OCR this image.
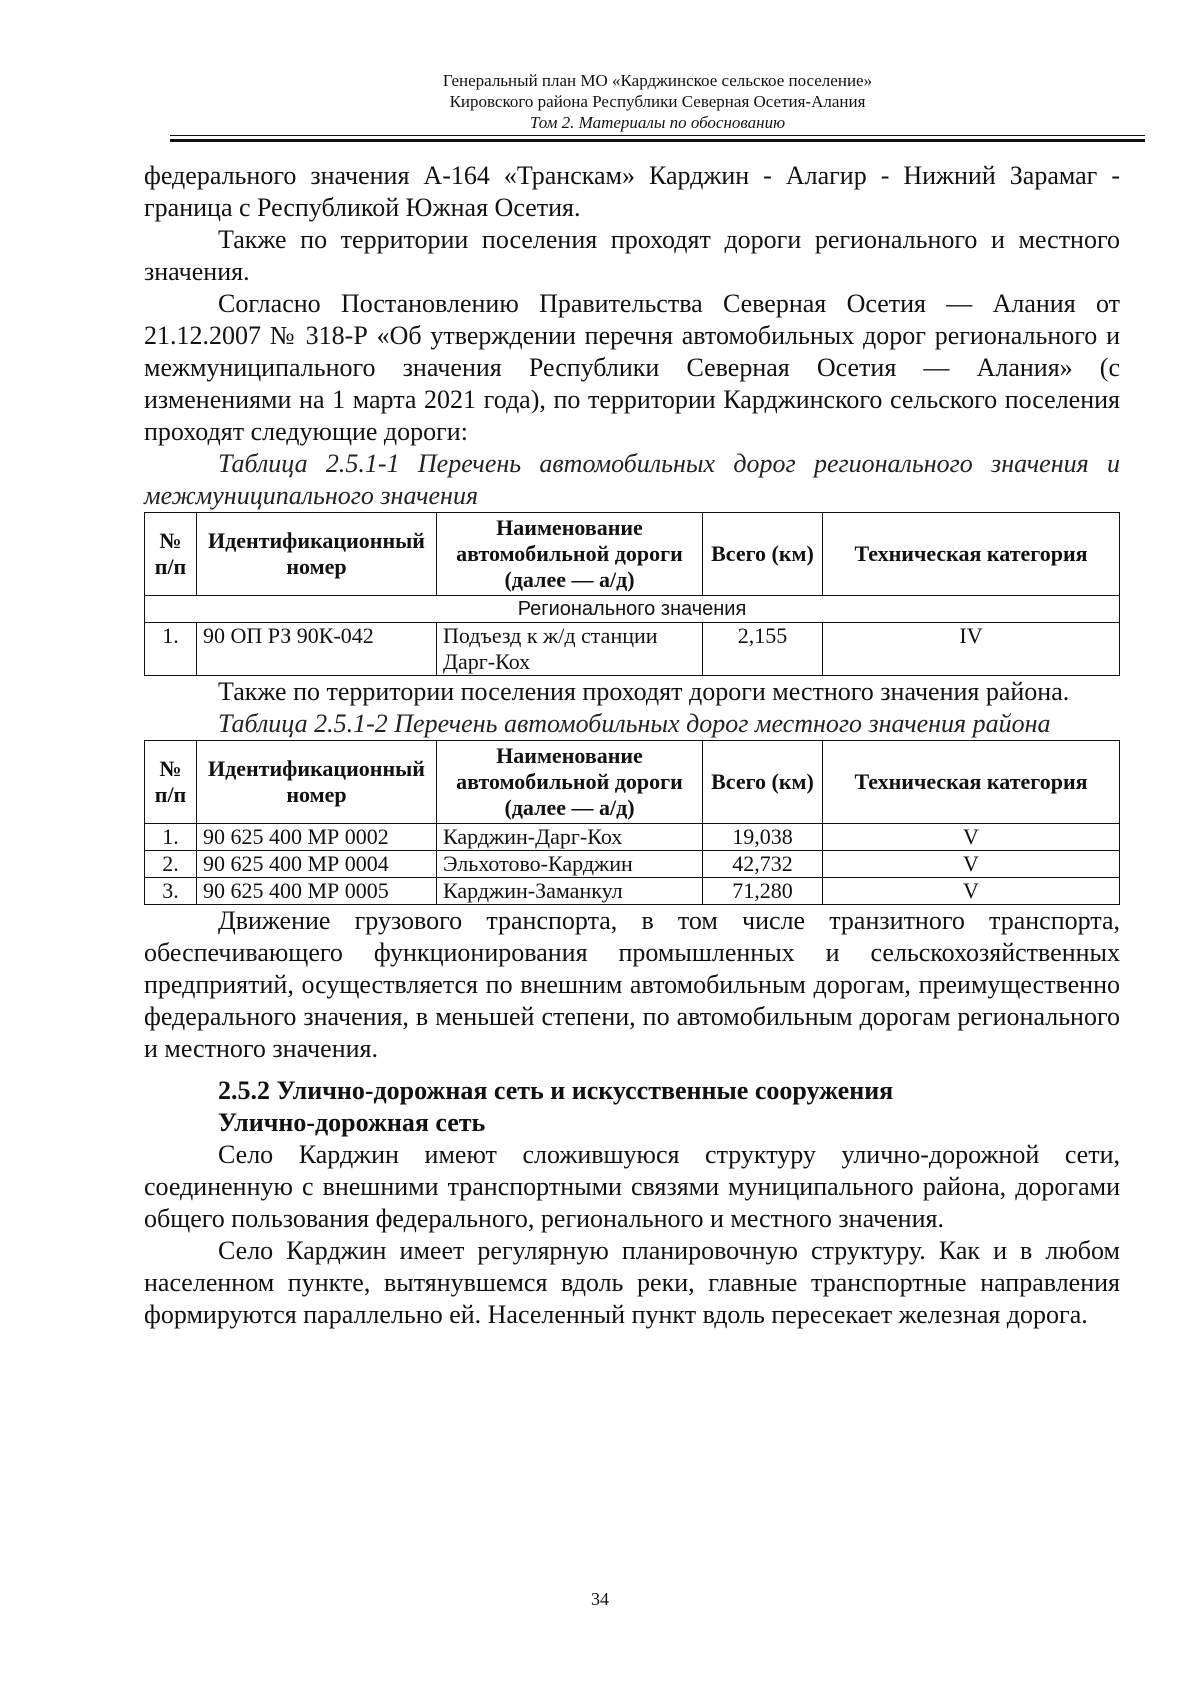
Генеральный план МО «Карджинское сельское поселение»
Кировского района Республики Северная Осетия-Алания
Том 2. Материалы по обоснованию

федерального значения А-164 «Транскам» Карджин - Алагир - Нижний Зарамаг - граница с Республикой Южная Осетия.

Также по территории поселения проходят дороги регионального и местного значения.

Согласно Постановлению Правительства Северная Осетия — Алания от 21.12.2007 № 318-Р «Об утверждении перечня автомобильных дорог регионального и межмуниципального значения Республики Северная Осетия — Алания» (с изменениями на 1 марта 2021 года), по территории Карджинского сельского поселения проходят следующие дороги:

Таблица 2.5.1-1 Перечень автомобильных дорог регионального значения и межмуниципального значения

№ п/п	Идентификационный номер	Наименование автомобильной дороги (далее — а/д)	Всего (км)	Техническая категория
Регионального значения				
1.	90 ОП РЗ 90К-042	Подъезд к ж/д станции Дарг-Кох	2,155	IV

Также по территории поселения проходят дороги местного значения района.

Таблица 2.5.1-2 Перечень автомобильных дорог местного значения района

№ п/п	Идентификационный номер	Наименование автомобильной дороги (далее — а/д)	Всего (км)	Техническая категория
1.	90 625 400 МР 0002	Карджин-Дарг-Кох	19,038	V
2.	90 625 400 МР 0004	Эльхотово-Карджин	42,732	V
3.	90 625 400 МР 0005	Карджин-Заманкул	71,280	V

Движение грузового транспорта, в том числе транзитного транспорта, обеспечивающего функционирования промышленных и сельскохозяйственных предприятий, осуществляется по внешним автомобильным дорогам, преимущественно федерального значения, в меньшей степени, по автомобильным дорогам регионального и местного значения.

2.5.2 Улично-дорожная сеть и искусственные сооружения

Улично-дорожная сеть

Село Карджин имеют сложившуюся структуру улично-дорожной сети, соединенную с внешними транспортными связями муниципального района, дорогами общего пользования федерального, регионального и местного значения.

Село Карджин имеет регулярную планировочную структуру. Как и в любом населенном пункте, вытянувшемся вдоль реки, главные транспортные направления формируются параллельно ей. Населенный пункт вдоль пересекает железная дорога.

34
